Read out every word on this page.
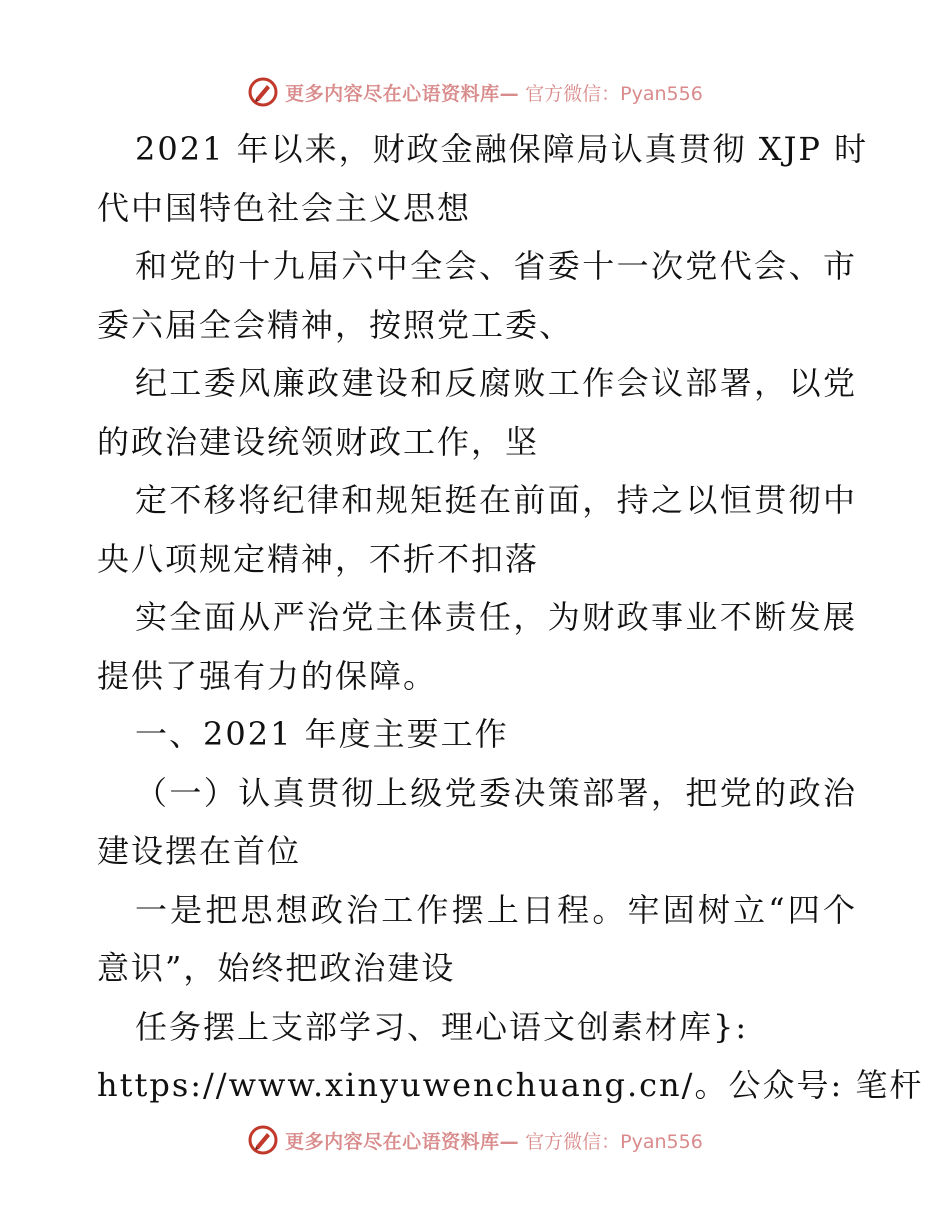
更多内容尽在心语资料库— 官方微信：Pyan556
2021 年以来，财政金融保障局认真贯彻 XJP 时
代中国特色社会主义思想
和党的十九届六中全会、省委十一次党代会、市
委六届全会精神，按照党工委、
纪工委风廉政建设和反腐败工作会议部署，以党
的政治建设统领财政工作，坚
定不移将纪律和规矩挺在前面，持之以恒贯彻中
央八项规定精神，不折不扣落
实全面从严治党主体责任，为财政事业不断发展
提供了强有力的保障。
一、2021 年度主要工作
（一）认真贯彻上级党委决策部署，把党的政治
建设摆在首位
一是把思想政治工作摆上日程。牢固树立“四个
意识”，始终把政治建设
任务摆上支部学习、理心语文创素材库}:
https://www.xinyuwenchuang.cn/。公众号: 笔杆
更多内容尽在心语资料库— 官方微信：Pyan556
